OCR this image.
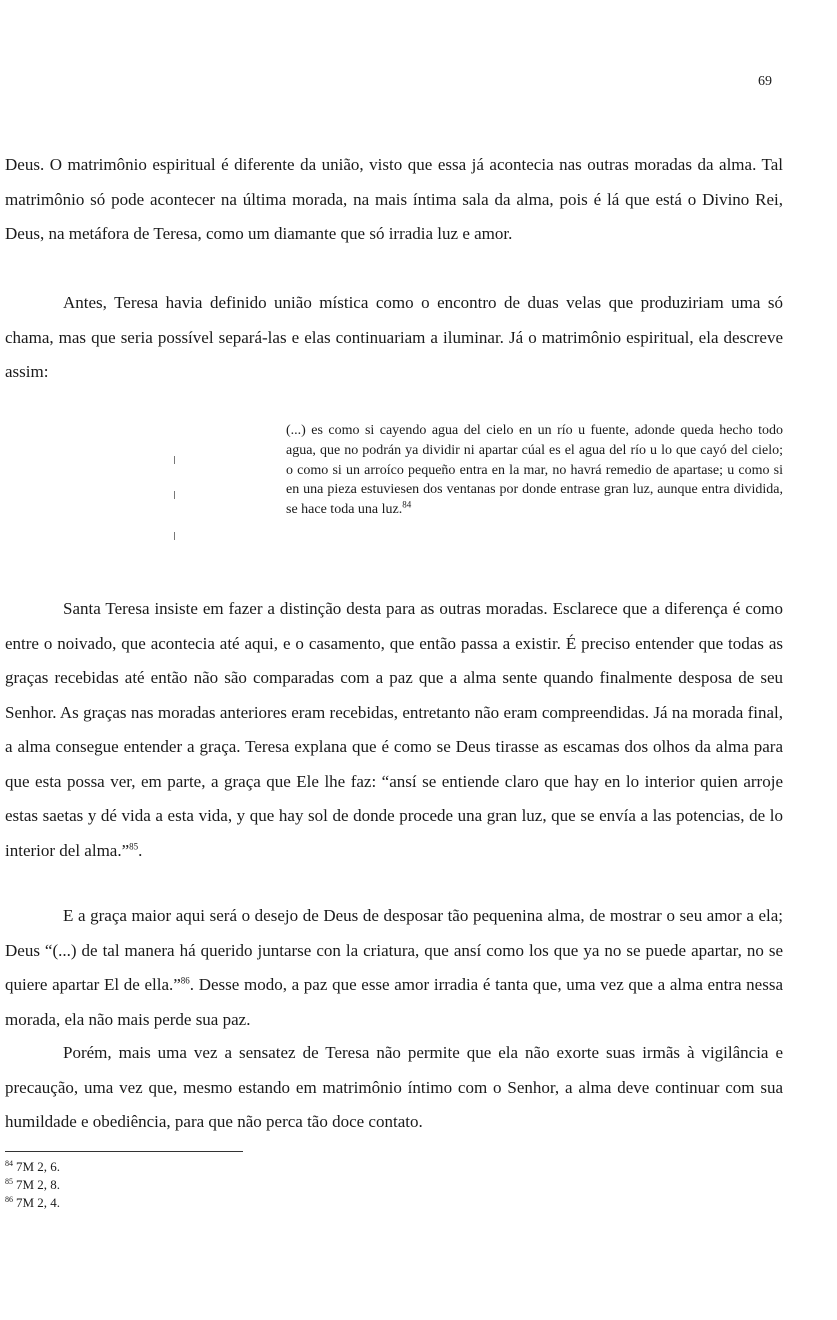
69

Deus. O matrimônio espiritual é diferente da união, visto que essa já acontecia nas outras moradas da alma. Tal matrimônio só pode acontecer na última morada, na mais íntima sala da alma, pois é lá que está o Divino Rei, Deus, na metáfora de Teresa, como um diamante que só irradia luz e amor.

Antes, Teresa havia definido união mística como o encontro de duas velas que produziriam uma só chama, mas que seria possível separá-las e elas continuariam a iluminar. Já o matrimônio espiritual, ela descreve assim:

(...) es como si cayendo agua del cielo en un río u fuente, adonde queda hecho todo agua, que no podrán ya dividir ni apartar cúal es el agua del río u lo que cayó del cielo; o como si un arroíco pequeño entra en la mar, no havrá remedio de apartase; u como si en una pieza estuviesen dos ventanas por donde entrase gran luz, aunque entra dividida, se hace toda una luz.$^{84}$

Santa Teresa insiste em fazer a distinção desta para as outras moradas. Esclarece que a diferença é como entre o noivado, que acontecia até aqui, e o casamento, que então passa a existir. É preciso entender que todas as graças recebidas até então não são comparadas com a paz que a alma sente quando finalmente desposa de seu Senhor. As graças nas moradas anteriores eram recebidas, entretanto não eram compreendidas. Já na morada final, a alma consegue entender a graça. Teresa explana que é como se Deus tirasse as escamas dos olhos da alma para que esta possa ver, em parte, a graça que Ele lhe faz: “ansí se entiende claro que hay en lo interior quien arroje estas saetas y dé vida a esta vida, y que hay sol de donde procede una gran luz, que se envía a las potencias, de lo interior del alma.”$^{85}$.

E a graça maior aqui será o desejo de Deus de desposar tão pequenina alma, de mostrar o seu amor a ela; Deus “(...) de tal manera há querido juntarse con la criatura, que ansí como los que ya no se puede apartar, no se quiere apartar El de ella.”$^{86}$. Desse modo, a paz que esse amor irradia é tanta que, uma vez que a alma entra nessa morada, ela não mais perde sua paz.

Porém, mais uma vez a sensatez de Teresa não permite que ela não exorte suas irmãs à vigilância e precaução, uma vez que, mesmo estando em matrimônio íntimo com o Senhor, a alma deve continuar com sua humildade e obediência, para que não perca tão doce contato.

$^{84}$ 7M 2, 6.
$^{85}$ 7M 2, 8.
$^{86}$ 7M 2, 4.
